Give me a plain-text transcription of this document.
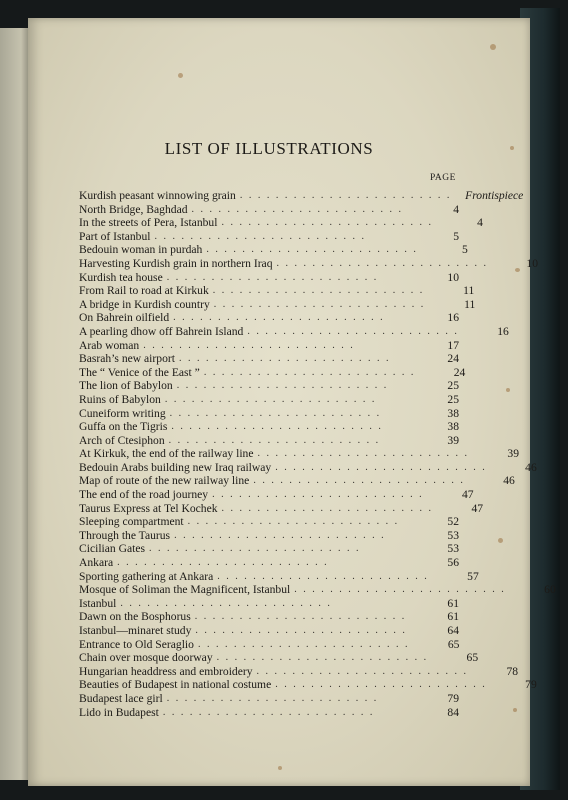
LIST OF ILLUSTRATIONS
PAGE
Kurdish peasant winnowing grain . . . . . . . . . . . . . . . . . . . . . . . .	Frontispiece
North Bridge, Baghdad . . . . . . . . . . . . . . . . . . . . . . . .	4
In the streets of Pera, Istanbul . . . . . . . . . . . . . . . . . . . . . . . .	4
Part of Istanbul . . . . . . . . . . . . . . . . . . . . . . . .	5
Bedouin woman in purdah . . . . . . . . . . . . . . . . . . . . . . . .	5
Harvesting Kurdish grain in northern Iraq . . . . . . . . . . . . . . . . . . . . . . . .	10
Kurdish tea house . . . . . . . . . . . . . . . . . . . . . . . .	10
From Rail to road at Kirkuk . . . . . . . . . . . . . . . . . . . . . . . .	11
A bridge in Kurdish country . . . . . . . . . . . . . . . . . . . . . . . .	11
On Bahrein oilfield . . . . . . . . . . . . . . . . . . . . . . . .	16
A pearling dhow off Bahrein Island . . . . . . . . . . . . . . . . . . . . . . . .	16
Arab woman . . . . . . . . . . . . . . . . . . . . . . . .	17
Basrah’s new airport . . . . . . . . . . . . . . . . . . . . . . . .	24
The “ Venice of the East ” . . . . . . . . . . . . . . . . . . . . . . . .	24
The lion of Babylon . . . . . . . . . . . . . . . . . . . . . . . .	25
Ruins of Babylon . . . . . . . . . . . . . . . . . . . . . . . .	25
Cuneiform writing . . . . . . . . . . . . . . . . . . . . . . . .	38
Guffa on the Tigris . . . . . . . . . . . . . . . . . . . . . . . .	38
Arch of Ctesiphon . . . . . . . . . . . . . . . . . . . . . . . .	39
At Kirkuk, the end of the railway line . . . . . . . . . . . . . . . . . . . . . . . .	39
Bedouin Arabs building new Iraq railway . . . . . . . . . . . . . . . . . . . . . . . .	46
Map of route of the new railway line . . . . . . . . . . . . . . . . . . . . . . . .	46
The end of the road journey . . . . . . . . . . . . . . . . . . . . . . . .	47
Taurus Express at Tel Kochek . . . . . . . . . . . . . . . . . . . . . . . .	47
Sleeping compartment . . . . . . . . . . . . . . . . . . . . . . . .	52
Through the Taurus . . . . . . . . . . . . . . . . . . . . . . . .	53
Cicilian Gates . . . . . . . . . . . . . . . . . . . . . . . .	53
Ankara . . . . . . . . . . . . . . . . . . . . . . . .	56
Sporting gathering at Ankara . . . . . . . . . . . . . . . . . . . . . . . .	57
Mosque of Soliman the Magnificent, Istanbul . . . . . . . . . . . . . . . . . . . . . . . .	60
Istanbul . . . . . . . . . . . . . . . . . . . . . . . .	61
Dawn on the Bosphorus . . . . . . . . . . . . . . . . . . . . . . . .	61
Istanbul—minaret study . . . . . . . . . . . . . . . . . . . . . . . .	64
Entrance to Old Seraglio . . . . . . . . . . . . . . . . . . . . . . . .	65
Chain over mosque doorway . . . . . . . . . . . . . . . . . . . . . . . .	65
Hungarian headdress and embroidery . . . . . . . . . . . . . . . . . . . . . . . .	78
Beauties of Budapest in national costume . . . . . . . . . . . . . . . . . . . . . . . .	79
Budapest lace girl . . . . . . . . . . . . . . . . . . . . . . . .	79
Lido in Budapest . . . . . . . . . . . . . . . . . . . . . . . .	84
